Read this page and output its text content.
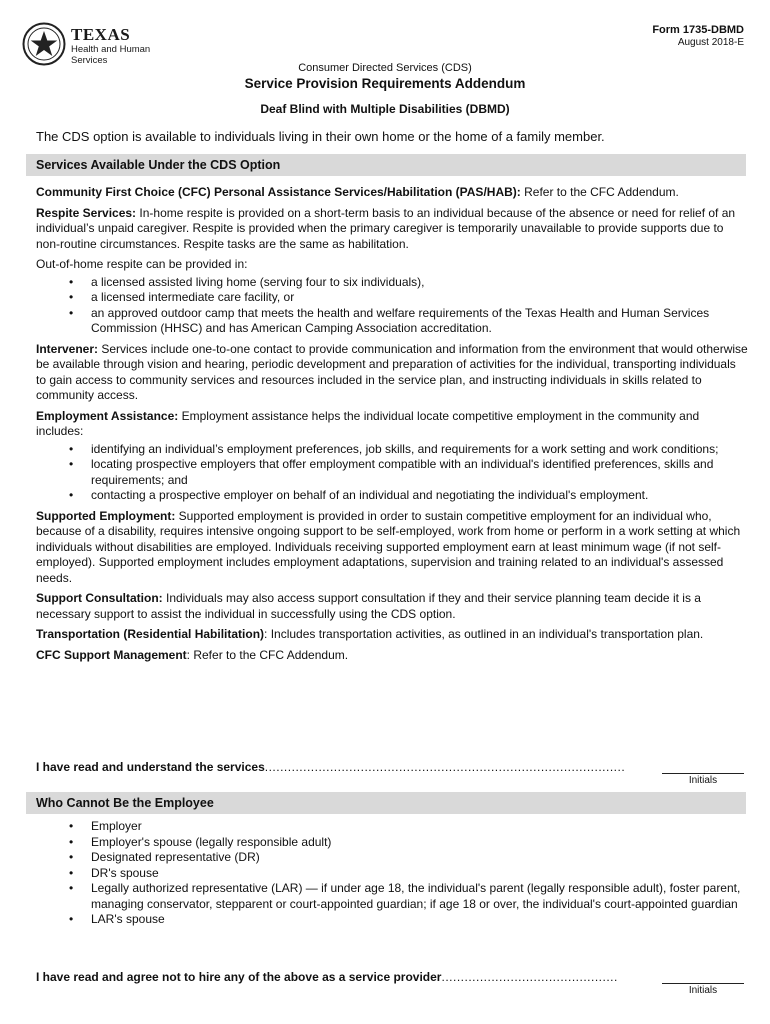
TEXAS
Health and Human Services
Form 1735-DBMD
August 2018-E
Consumer Directed Services (CDS)
Service Provision Requirements Addendum
Deaf Blind with Multiple Disabilities (DBMD)
The CDS option is available to individuals living in their own home or the home of a family member.
Services Available Under the CDS Option

Community First Choice (CFC) Personal Assistance Services/Habilitation (PAS/HAB): Refer to the CFC Addendum.

Respite Services: In-home respite is provided on a short-term basis to an individual because of the absence or need for relief of an individual’s unpaid caregiver. Respite is provided when the primary caregiver is temporarily unavailable to provide supports due to non-routine circumstances. Respite tasks are the same as habilitation.

Out-of-home respite can be provided in:

• a licensed assisted living home (serving four to six individuals),
• a licensed intermediate care facility, or
• an approved outdoor camp that meets the health and welfare requirements of the Texas Health and Human Services Commission (HHSC) and has American Camping Association accreditation.

Intervener: Services include one-to-one contact to provide communication and information from the environment that would otherwise be available through vision and hearing, periodic development and preparation of activities for the individual, transporting individuals to gain access to community services and resources included in the service plan, and instructing individuals in skills related to community access.

Employment Assistance: Employment assistance helps the individual locate competitive employment in the community and includes:

• identifying an individual’s employment preferences, job skills, and requirements for a work setting and work conditions;
• locating prospective employers that offer employment compatible with an individual's identified preferences, skills and requirements; and
• contacting a prospective employer on behalf of an individual and negotiating the individual's employment.

Supported Employment: Supported employment is provided in order to sustain competitive employment for an individual who, because of a disability, requires intensive ongoing support to be self-employed, work from home or perform in a work setting at which individuals without disabilities are employed. Individuals receiving supported employment earn at least minimum wage (if not self-employed). Supported employment includes employment adaptations, supervision and training related to an individual's assessed needs.

Support Consultation: Individuals may also access support consultation if they and their service planning team decide it is a necessary support to assist the individual in successfully using the CDS option.

Transportation (Residential Habilitation): Includes transportation activities, as outlined in an individual's transportation plan.

CFC Support Management: Refer to the CFC Addendum.

I have read and understand the services..............................................................................................
Initials
Who Cannot Be the Employee
• Employer
• Employer's spouse (legally responsible adult)
• Designated representative (DR)
• DR's spouse
• Legally authorized representative (LAR) — if under age 18, the individual's parent (legally responsible adult), foster parent, managing conservator, stepparent or court-appointed guardian; if age 18 or over, the individual's court-appointed guardian
• LAR's spouse
I have read and agree not to hire any of the above as a service provider..............................................
Initials
